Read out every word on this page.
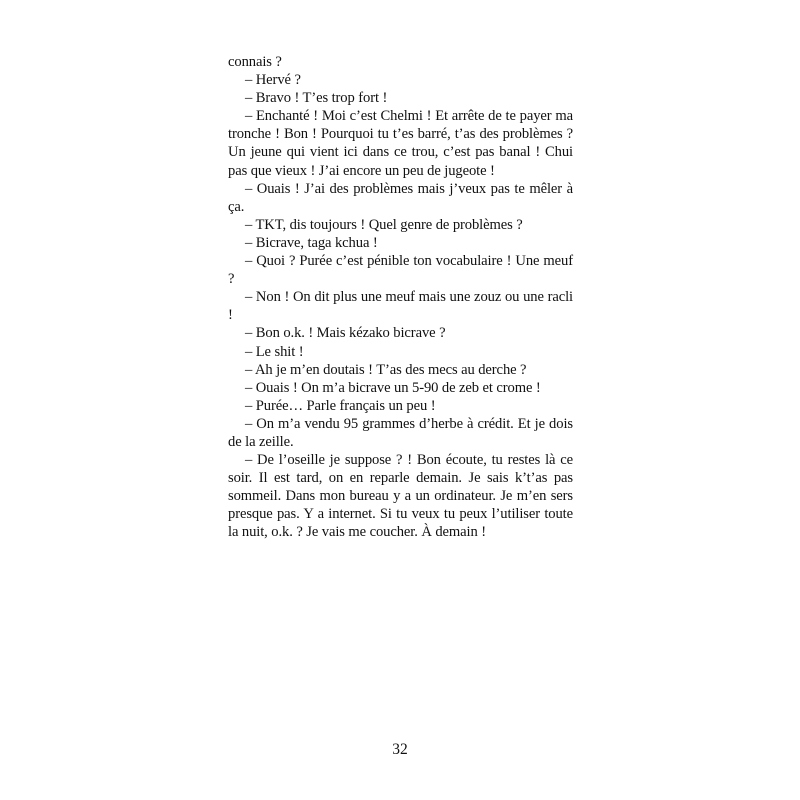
connais ?

– Hervé ?

– Bravo ! T’es trop fort !

– Enchanté ! Moi c’est Chelmi ! Et arrête de te payer ma tronche ! Bon ! Pourquoi tu t’es barré, t’as des problèmes ? Un jeune qui vient ici dans ce trou, c’est pas banal ! Chui pas que vieux ! J’ai encore un peu de jugeote !

– Ouais ! J’ai des problèmes mais j’veux pas te mêler à ça.

– TKT, dis toujours ! Quel genre de problèmes ?

– Bicrave, taga kchua !

– Quoi ? Purée c’est pénible ton vocabulaire ! Une meuf ?

– Non ! On dit plus une meuf mais une zouz ou une racli !

– Bon o.k. ! Mais kézako bicrave ?

– Le shit !

– Ah je m’en doutais ! T’as des mecs au derche ?

– Ouais ! On m’a bicrave un 5-90 de zeb et crome !

– Purée… Parle français un peu !

– On m’a vendu 95 grammes d’herbe à crédit. Et je dois de la zeille.

– De l’oseille je suppose ? ! Bon écoute, tu restes là ce soir. Il est tard, on en reparle demain. Je sais k’t’as pas sommeil. Dans mon bureau y a un ordinateur. Je m’en sers presque pas. Y a internet. Si tu veux tu peux l’utiliser toute la nuit, o.k. ? Je vais me coucher. À demain !

32
